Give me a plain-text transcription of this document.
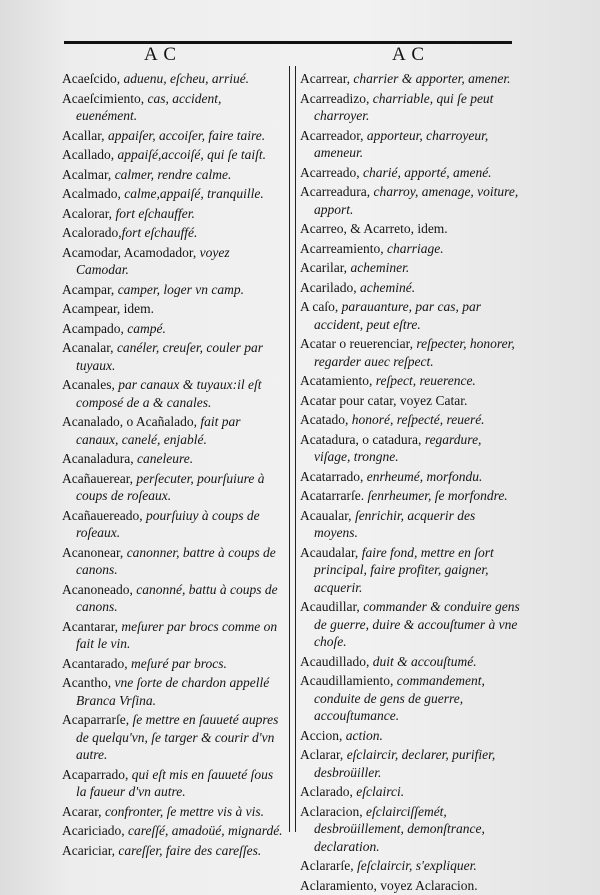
A C	A C
Acaeſcido, aduenu, eſcheu, arriué.
Acaeſcimiento, cas, accident, euenément.
Acallar, appaiſer, accoiſer, faire taire.
Acallado, appaiſé,accoiſé, qui ſe taiſt.
Acalmar, calmer, rendre calme.
Acalmado, calme,appaiſé, tranquille.
Acalorar, fort eſchauffer.
Acalorado,fort eſchauffé.
Acamodar, Acamodador, voyez Camodar.
Acampar, camper, loger vn camp.
Acampear, idem.
Acampado, campé.
Acanalar, canéler, creuſer, couler par tuyaux.
Acanales, par canaux & tuyaux:il eſt composé de a & canales.
Acanalado, o Acañalado, fait par canaux, canelé, enjablé.
Acanaladura, caneleure.
Acañauerear, perſecuter, pourſuiure à coups de roſeaux.
Acañauereado, pourſuiuy à coups de roſeaux.
Acanonear, canonner, battre à coups de canons.
Acanoneado, canonné, battu à coups de canons.
Acantarar, meſurer par brocs comme on fait le vin.
Acantarado, meſuré par brocs.
Acantho, vne ſorte de chardon appellé Branca Vrſina.
Acaparrarſe, ſe mettre en ſauueté aupres de quelqu'vn, ſe targer & courir d'vn autre.
Acaparrado, qui eſt mis en ſauueté ſous la faueur d'vn autre.
Acarar, confronter, ſe mettre vis à vis.
Acariciado, careſſé, amadoüé, mignardé.
Acariciar, careſſer, faire des careſſes.
Acarrear, charrier & apporter, amener.
Acarreadizo, charriable, qui ſe peut charroyer.
Acarreador, apporteur, charroyeur, ameneur.
Acarreado, charié, apporté, amené.
Acarreadura, charroy, amenage, voiture, apport.
Acarreo, & Acarreto, idem.
Acarreamiento, charriage.
Acarilar, acheminer.
Acarilado, acheminé.
A caſo, parauanture, par cas, par accident, peut eſtre.
Acatar o reuerenciar, reſpecter, honorer, regarder auec reſpect.
Acatamiento, reſpect, reuerence.
Acatar pour catar, voyez Catar.
Acatado, honoré, reſpecté, reueré.
Acatadura, o catadura, regardure, viſage, trongne.
Acatarrado, enrheumé, morfondu.
Acatarrarſe. ſenrheumer, ſe morfondre.
Acaualar, ſenrichir, acquerir des moyens.
Acaudalar, faire fond, mettre en ſort principal, faire profiter, gaigner, acquerir.
Acaudillar, commander & conduire gens de guerre, duire & accouſtumer à vne choſe.
Acaudillado, duit & accouſtumé.
Acaudillamiento, commandement, conduite de gens de guerre, accouſtumance.
Accion, action.
Aclarar, eſclaircir, declarer, purifier, desbroüiller.
Aclarado, eſclairci.
Aclaracion, eſclairciſſemét, desbroüillement, demonſtrance, declaration.
Aclararſe, ſeſclaircir, s'expliquer.
Aclaramiento, voyez Aclaracion.
